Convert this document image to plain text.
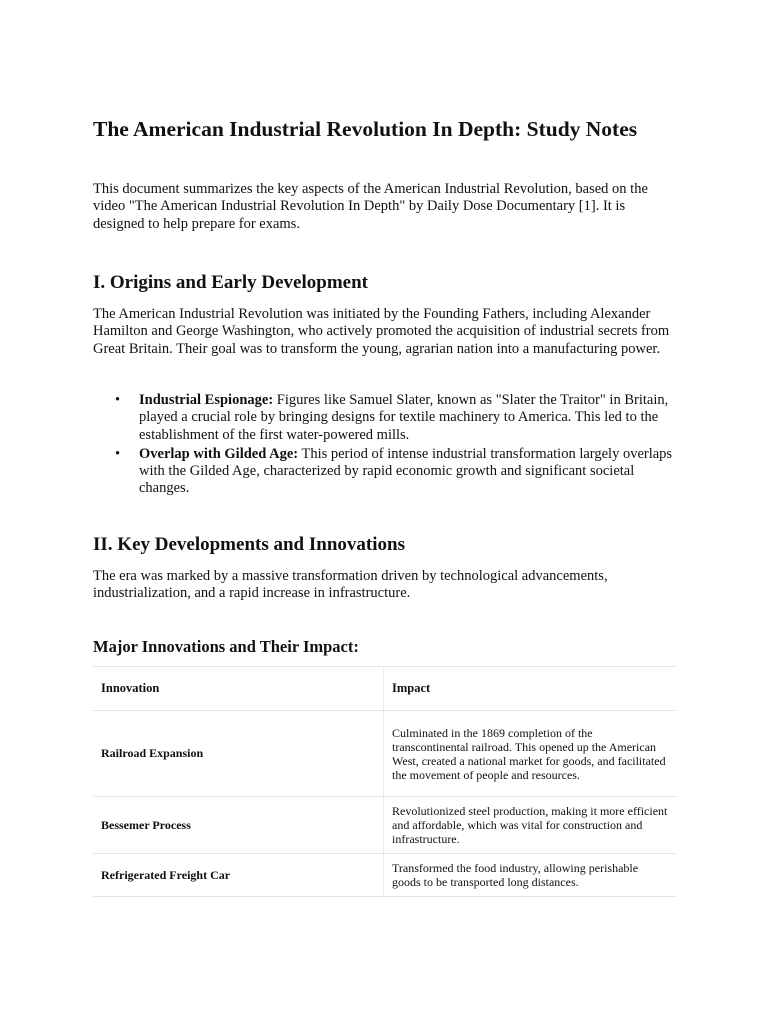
The American Industrial Revolution In Depth: Study Notes

This document summarizes the key aspects of the American Industrial Revolution, based on the video "The American Industrial Revolution In Depth" by Daily Dose Documentary [1]. It is designed to help prepare for exams.

I. Origins and Early Development

The American Industrial Revolution was initiated by the Founding Fathers, including Alexander Hamilton and George Washington, who actively promoted the acquisition of industrial secrets from Great Britain. Their goal was to transform the young, agrarian nation into a manufacturing power.

• Industrial Espionage: Figures like Samuel Slater, known as "Slater the Traitor" in Britain, played a crucial role by bringing designs for textile machinery to America. This led to the establishment of the first water-powered mills.
• Overlap with Gilded Age: This period of intense industrial transformation largely overlaps with the Gilded Age, characterized by rapid economic growth and significant societal changes.
II. Key Developments and Innovations

The era was marked by a massive transformation driven by technological advancements, industrialization, and a rapid increase in infrastructure.

Major Innovations and Their Impact:
Innovation	Impact
Railroad Expansion	Culminated in the 1869 completion of the transcontinental railroad. This opened up the American West, created a national market for goods, and facilitated the movement of people and resources.
Bessemer Process	Revolutionized steel production, making it more efficient and affordable, which was vital for construction and infrastructure.
Refrigerated Freight Car	Transformed the food industry, allowing perishable goods to be transported long distances.
